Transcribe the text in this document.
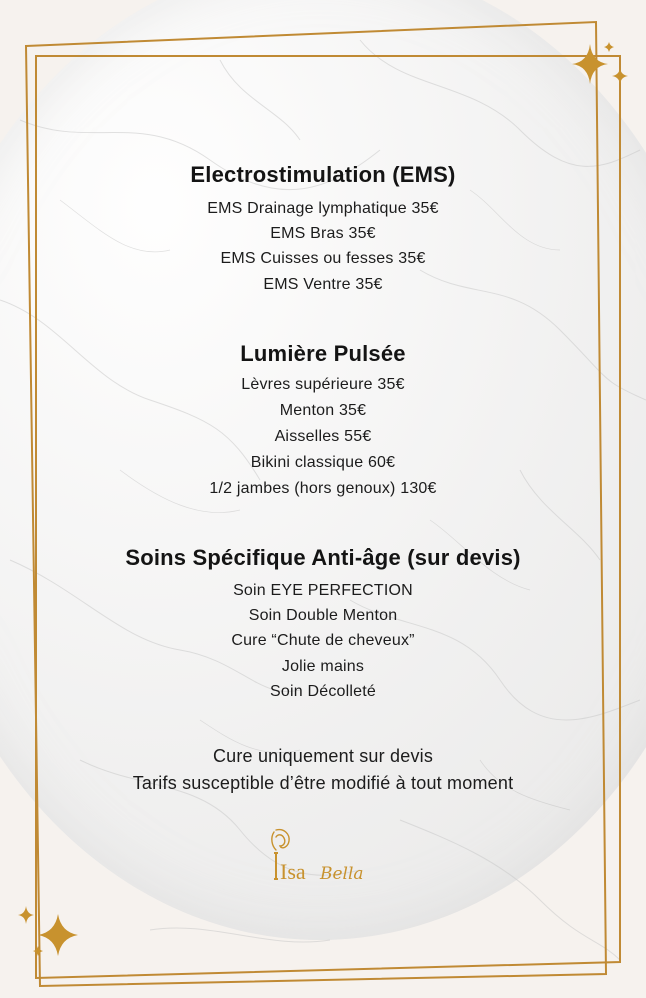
Electrostimulation (EMS)
EMS Drainage lymphatique 35€
EMS Bras 35€
EMS Cuisses ou fesses 35€
EMS Ventre 35€
Lumière Pulsée
Lèvres supérieure 35€
Menton 35€
Aisselles 55€
Bikini classique 60€
1/2 jambes (hors genoux) 130€
Soins Spécifique Anti-âge (sur devis)
Soin EYE PERFECTION
Soin Double Menton
Cure “Chute de cheveux”
Jolie mains
Soin Décolleté
Cure uniquement sur devis
Tarifs susceptible d’être modifié à tout moment
Isa Bella
